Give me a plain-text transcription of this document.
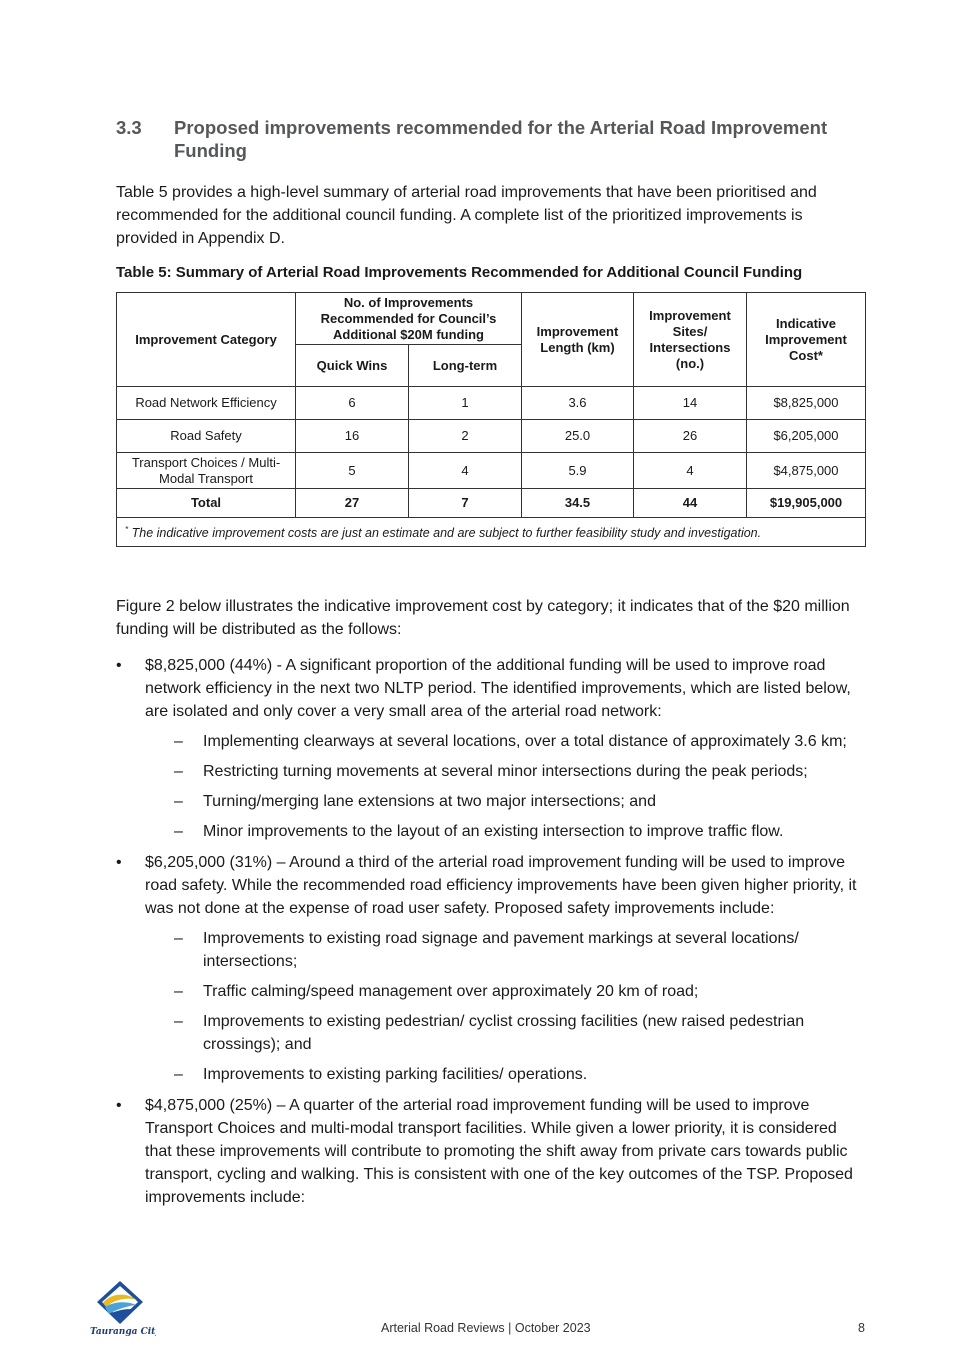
3.3 Proposed improvements recommended for the Arterial Road Improvement Funding
Table 5 provides a high-level summary of arterial road improvements that have been prioritised and recommended for the additional council funding. A complete list of the prioritized improvements is provided in Appendix D.
Table 5: Summary of Arterial Road Improvements Recommended for Additional Council Funding
Improvement Category	No. of Improvements Recommended for Council’s Additional $20M funding		Improvement Length (km)	Improvement Sites/ Intersections (no.)	Indicative Improvement Cost*
	Quick Wins	Long-term			
Road Network Efficiency	6	1	3.6	14	$8,825,000
Road Safety	16	2	25.0	26	$6,205,000
Transport Choices / Multi-Modal Transport	5	4	5.9	4	$4,875,000
Total	27	7	34.5	44	$19,905,000
* The indicative improvement costs are just an estimate and are subject to further feasibility study and investigation.					
Figure 2 below illustrates the indicative improvement cost by category; it indicates that of the $20 million funding will be distributed as the follows:
• $8,825,000 (44%) - A significant proportion of the additional funding will be used to improve road network efficiency in the next two NLTP period. The identified improvements, which are listed below, are isolated and only cover a very small area of the arterial road network:
– Implementing clearways at several locations, over a total distance of approximately 3.6 km;
– Restricting turning movements at several minor intersections during the peak periods;
– Turning/merging lane extensions at two major intersections; and
– Minor improvements to the layout of an existing intersection to improve traffic flow.
• $6,205,000 (31%) – Around a third of the arterial road improvement funding will be used to improve road safety. While the recommended road efficiency improvements have been given higher priority, it was not done at the expense of road user safety. Proposed safety improvements include:
– Improvements to existing road signage and pavement markings at several locations/ intersections;
– Traffic calming/speed management over approximately 20 km of road;
– Improvements to existing pedestrian/ cyclist crossing facilities (new raised pedestrian crossings); and
– Improvements to existing parking facilities/ operations.
• $4,875,000 (25%) – A quarter of the arterial road improvement funding will be used to improve Transport Choices and multi-modal transport facilities. While given a lower priority, it is considered that these improvements will contribute to promoting the shift away from private cars towards public transport, cycling and walking. This is consistent with one of the key outcomes of the TSP. Proposed improvements include:
Tauranga City	Arterial Road Reviews | October 2023	8
